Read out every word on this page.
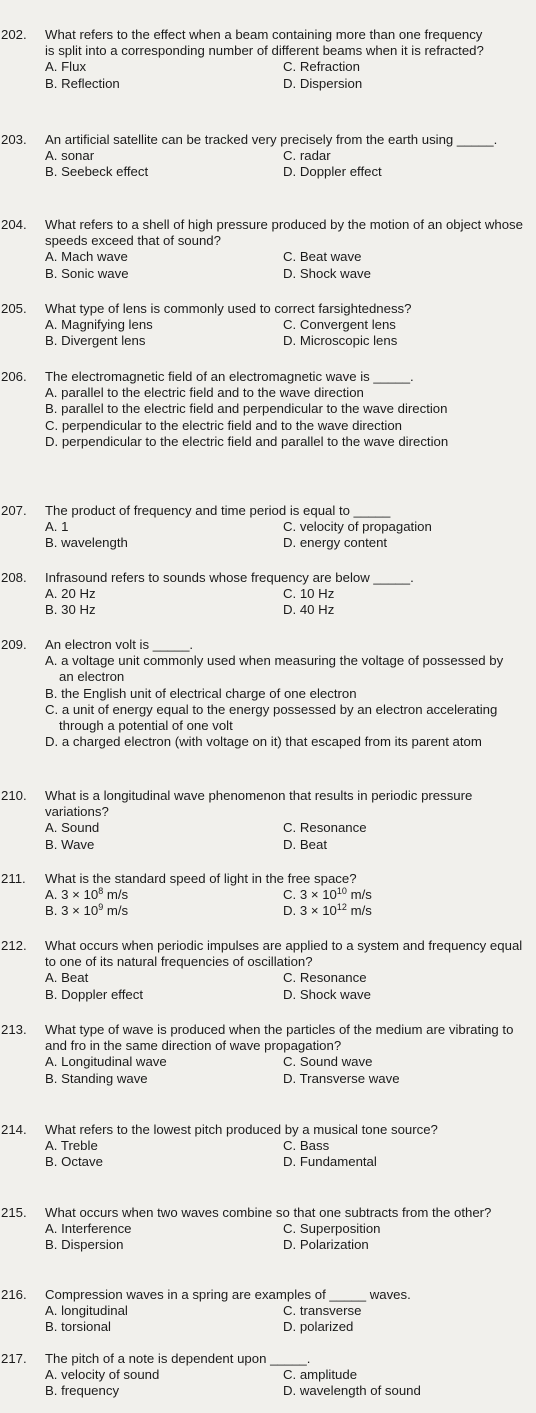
202. What refers to the effect when a beam containing more than one frequency is split into a corresponding number of different beams when it is refracted?
A. Flux	C. Refraction
B. Reflection	D. Dispersion
203. An artificial satellite can be tracked very precisely from the earth using _____.
A. sonar	C. radar
B. Seebeck effect	D. Doppler effect
204. What refers to a shell of high pressure produced by the motion of an object whose speeds exceed that of sound?
A. Mach wave	C. Beat wave
B. Sonic wave	D. Shock wave
205. What type of lens is commonly used to correct farsightedness?
A. Magnifying lens	C. Convergent lens
B. Divergent lens	D. Microscopic lens
206. The electromagnetic field of an electromagnetic wave is _____.
A. parallel to the electric field and to the wave direction
B. parallel to the electric field and perpendicular to the wave direction
C. perpendicular to the electric field and to the wave direction
D. perpendicular to the electric field and parallel to the wave direction
207. The product of frequency and time period is equal to _____
A. 1	C. velocity of propagation
B. wavelength	D. energy content
208. Infrasound refers to sounds whose frequency are below _____.
A. 20 Hz	C. 10 Hz
B. 30 Hz	D. 40 Hz
209. An electron volt is _____.
A. a voltage unit commonly used when measuring the voltage of possessed by an electron
B. the English unit of electrical charge of one electron
C. a unit of energy equal to the energy possessed by an electron accelerating through a potential of one volt
D. a charged electron (with voltage on it) that escaped from its parent atom
210. What is a longitudinal wave phenomenon that results in periodic pressure variations?
A. Sound	C. Resonance
B. Wave	D. Beat
211. What is the standard speed of light in the free space?
A. $3 \times 10^8$ m/s	C. $3 \times 10^{10}$ m/s
B. $3 \times 10^9$ m/s	D. $3 \times 10^{12}$ m/s
212. What occurs when periodic impulses are applied to a system and frequency equal to one of its natural frequencies of oscillation?
A. Beat	C. Resonance
B. Doppler effect	D. Shock wave
213. What type of wave is produced when the particles of the medium are vibrating to and fro in the same direction of wave propagation?
A. Longitudinal wave	C. Sound wave
B. Standing wave	D. Transverse wave
214. What refers to the lowest pitch produced by a musical tone source?
A. Treble	C. Bass
B. Octave	D. Fundamental
215. What occurs when two waves combine so that one subtracts from the other?
A. Interference	C. Superposition
B. Dispersion	D. Polarization
216. Compression waves in a spring are examples of _____ waves.
A. longitudinal	C. transverse
B. torsional	D. polarized
217. The pitch of a note is dependent upon _____.
A. velocity of sound	C. amplitude
B. frequency	D. wavelength of sound
